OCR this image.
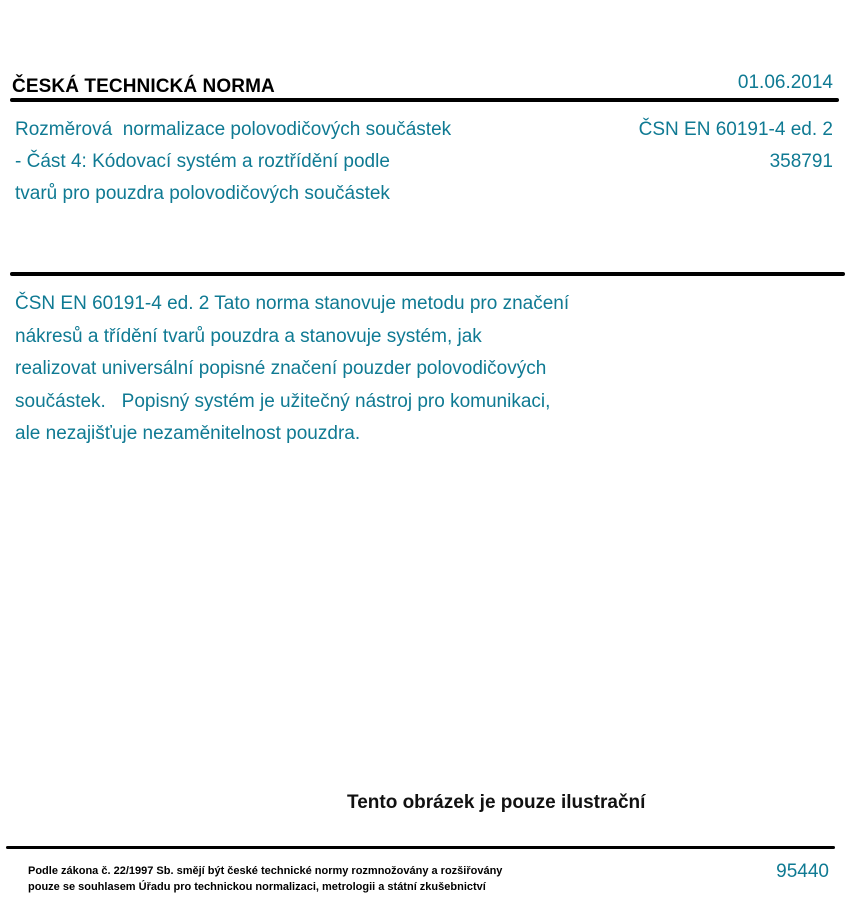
ČESKÁ TECHNICKÁ NORMA	01.06.2014
Rozměrová  normalizace polovodičových součástek
- Část 4: Kódovací systém a roztřídění podle
tvarů pro pouzdra polovodičových součástek
ČSN EN 60191-4 ed. 2
358791
ČSN EN 60191-4 ed. 2 Tato norma stanovuje metodu pro značení
nákresů a třídění tvarů pouzdra a stanovuje systém, jak
realizovat universální popisné značení pouzder polovodičových
součástek.   Popisný systém je užitečný nástroj pro komunikaci,
ale nezajišťuje nezaměnitelnost pouzdra.
Tento obrázek je pouze ilustrační
Podle zákona č. 22/1997 Sb. smějí být české technické normy rozmnožovány a rozšiřovány
pouze se souhlasem Úřadu pro technickou normalizaci, metrologii a státní zkušebnictví
95440
